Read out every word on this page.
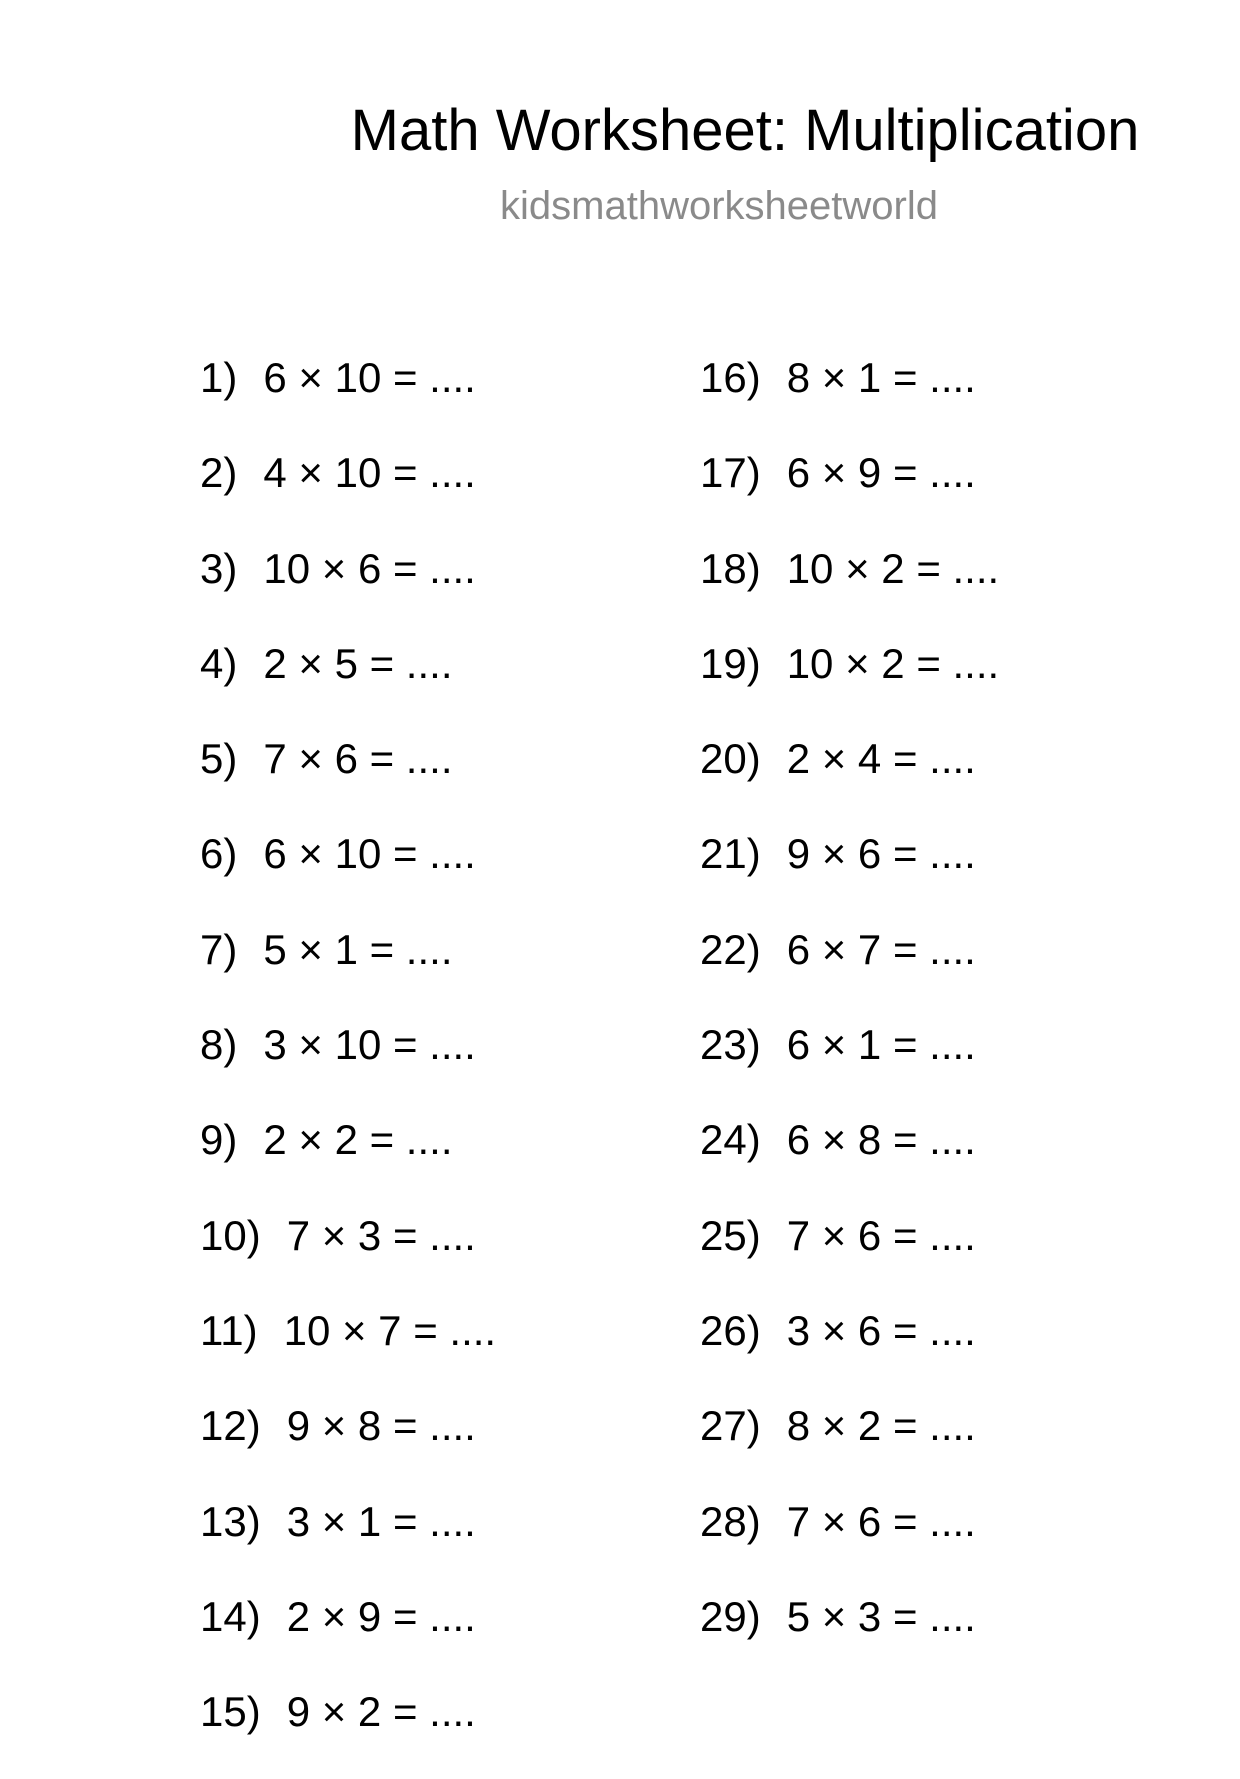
Math Worksheet: Multiplication
kidsmathworksheetworld
1) 6 × 10 = ....
2) 4 × 10 = ....
3) 10 × 6 = ....
4) 2 × 5 = ....
5) 7 × 6 = ....
6) 6 × 10 = ....
7) 5 × 1 = ....
8) 3 × 10 = ....
9) 2 × 2 = ....
10) 7 × 3 = ....
11) 10 × 7 = ....
12) 9 × 8 = ....
13) 3 × 1 = ....
14) 2 × 9 = ....
15) 9 × 2 = ....
16) 8 × 1 = ....
17) 6 × 9 = ....
18) 10 × 2 = ....
19) 10 × 2 = ....
20) 2 × 4 = ....
21) 9 × 6 = ....
22) 6 × 7 = ....
23) 6 × 1 = ....
24) 6 × 8 = ....
25) 7 × 6 = ....
26) 3 × 6 = ....
27) 8 × 2 = ....
28) 7 × 6 = ....
29) 5 × 3 = ....
